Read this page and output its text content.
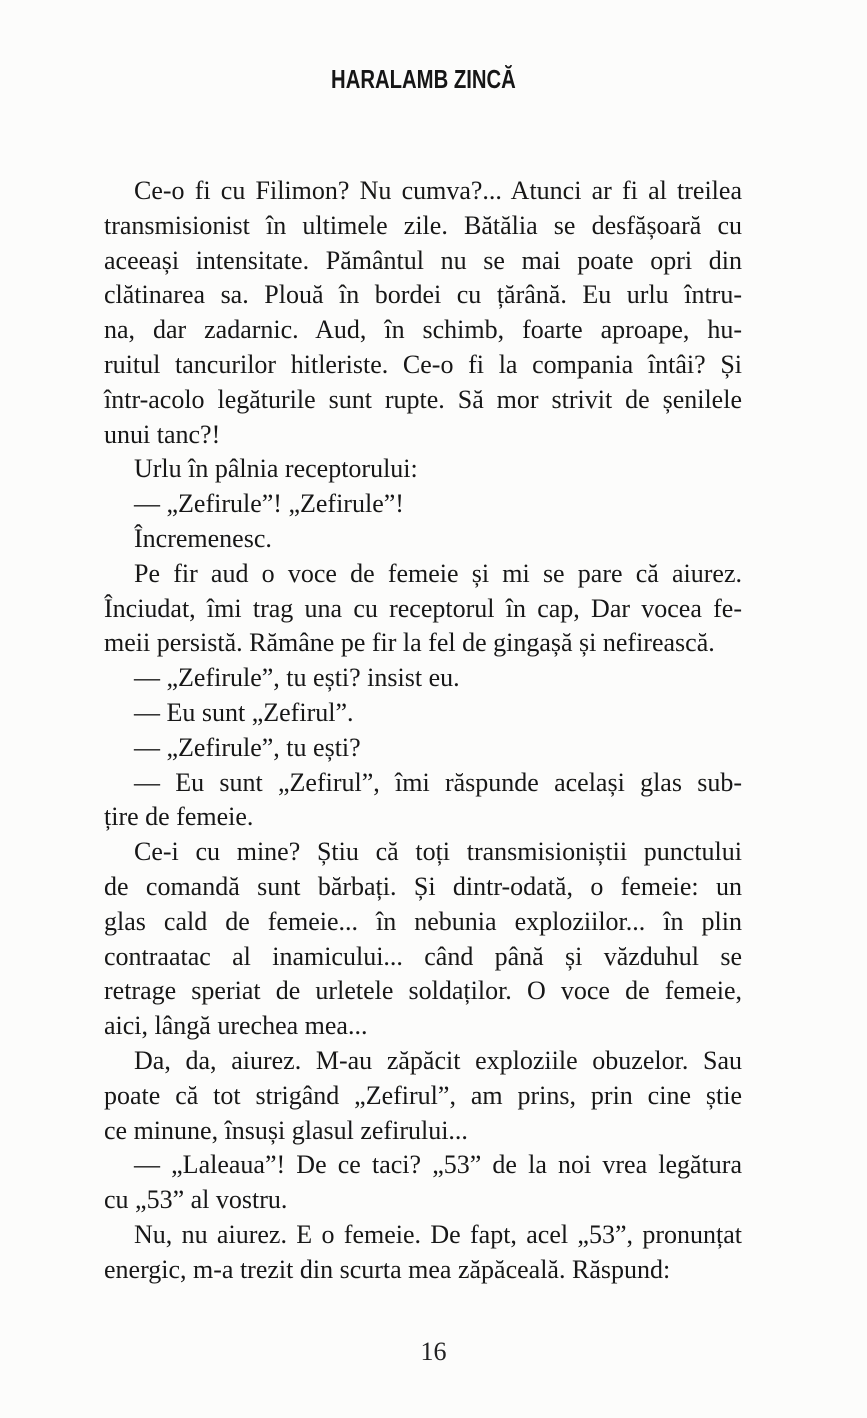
HARALAMB ZINCĂ
Ce-o fi cu Filimon? Nu cumva?... Atunci ar fi al treilea
transmisionist în ultimele zile. Bătălia se desfășoară cu
aceeași intensitate. Pământul nu se mai poate opri din
clătinarea sa. Plouă în bordei cu țărână. Eu urlu întru-
na, dar zadarnic. Aud, în schimb, foarte aproape, hu-
ruitul tancurilor hitleriste. Ce-o fi la compania întâi? Și
într-acolo legăturile sunt rupte. Să mor strivit de șenilele
unui tanc?!
Urlu în pâlnia receptorului:
— „Zefirule”! „Zefirule”!
Încremenesc.
Pe fir aud o voce de femeie și mi se pare că aiurez.
Înciudat, îmi trag una cu receptorul în cap, Dar vocea fe-
meii persistă. Rămâne pe fir la fel de gingașă și nefirească.
— „Zefirule”, tu ești? insist eu.
— Eu sunt „Zefirul”.
— „Zefirule”, tu ești?
— Eu sunt „Zefirul”, îmi răspunde același glas sub-
țire de femeie.
Ce-i cu mine? Știu că toți transmisioniștii punctului
de comandă sunt bărbați. Și dintr-odată, o femeie: un
glas cald de femeie... în nebunia exploziilor... în plin
contraatac al inamicului... când până și văzduhul se
retrage speriat de urletele soldaților. O voce de femeie,
aici, lângă urechea mea...
Da, da, aiurez. M-au zăpăcit exploziile obuzelor. Sau
poate că tot strigând „Zefirul”, am prins, prin cine știe
ce minune, însuși glasul zefirului...
— „Laleaua”! De ce taci? „53” de la noi vrea legătura
cu „53” al vostru.
Nu, nu aiurez. E o femeie. De fapt, acel „53”, pronunțat
energic, m-a trezit din scurta mea zăpăceală. Răspund:
16
